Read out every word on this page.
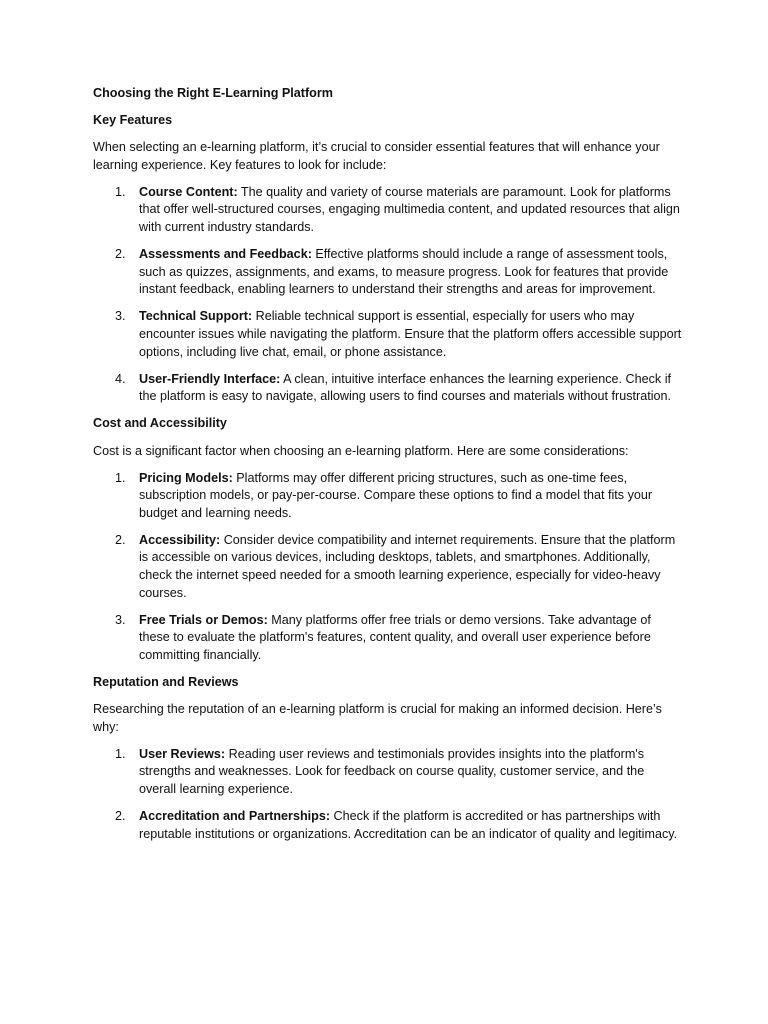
Choosing the Right E-Learning Platform

Key Features

When selecting an e-learning platform, it’s crucial to consider essential features that will enhance your learning experience. Key features to look for include:

1. Course Content: The quality and variety of course materials are paramount. Look for platforms that offer well-structured courses, engaging multimedia content, and updated resources that align with current industry standards.
2. Assessments and Feedback: Effective platforms should include a range of assessment tools, such as quizzes, assignments, and exams, to measure progress. Look for features that provide instant feedback, enabling learners to understand their strengths and areas for improvement.
3. Technical Support: Reliable technical support is essential, especially for users who may encounter issues while navigating the platform. Ensure that the platform offers accessible support options, including live chat, email, or phone assistance.
4. User-Friendly Interface: A clean, intuitive interface enhances the learning experience. Check if the platform is easy to navigate, allowing users to find courses and materials without frustration.

Cost and Accessibility

Cost is a significant factor when choosing an e-learning platform. Here are some considerations:

1. Pricing Models: Platforms may offer different pricing structures, such as one-time fees, subscription models, or pay-per-course. Compare these options to find a model that fits your budget and learning needs.
2. Accessibility: Consider device compatibility and internet requirements. Ensure that the platform is accessible on various devices, including desktops, tablets, and smartphones. Additionally, check the internet speed needed for a smooth learning experience, especially for video-heavy courses.
3. Free Trials or Demos: Many platforms offer free trials or demo versions. Take advantage of these to evaluate the platform's features, content quality, and overall user experience before committing financially.

Reputation and Reviews

Researching the reputation of an e-learning platform is crucial for making an informed decision. Here’s why:

1. User Reviews: Reading user reviews and testimonials provides insights into the platform's strengths and weaknesses. Look for feedback on course quality, customer service, and the overall learning experience.
2. Accreditation and Partnerships: Check if the platform is accredited or has partnerships with reputable institutions or organizations. Accreditation can be an indicator of quality and legitimacy.
